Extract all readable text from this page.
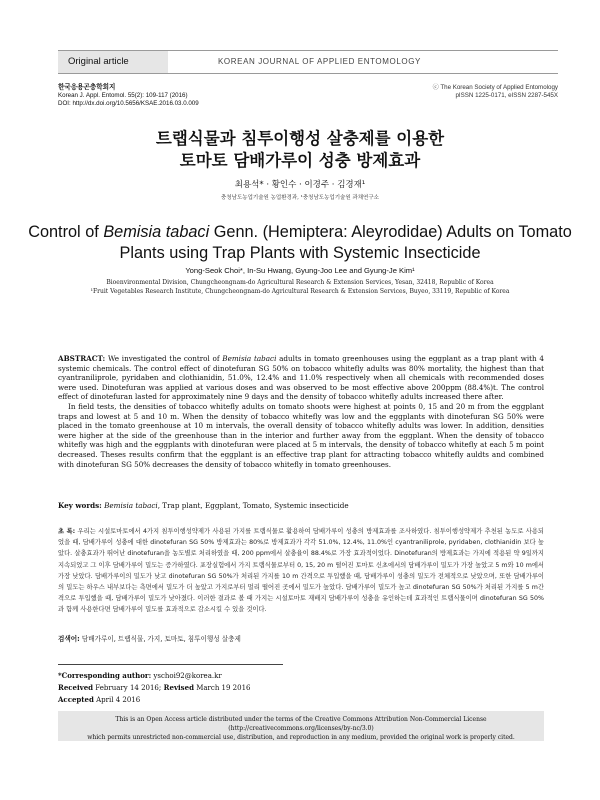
Original article	KOREAN JOURNAL OF APPLIED ENTOMOLOGY
한국응용곤충학회지
Korean J. Appl. Entomol. 55(2): 109-117 (2016)
DOI: http://dx.doi.org/10.5656/KSAE.2016.03.0.009
ⓒ The Korean Society of Applied Entomology
pISSN 1225-0171, eISSN 2287-545X
트랩식물과 침투이행성 살충제를 이용한
토마토 담배가루이 성충 방제효과
최용석* · 황인수 · 이경주 · 김경재¹
충청남도농업기술원 농업환경과, ¹충청남도농업기술원 과채연구소
Control of Bemisia tabaci Genn. (Hemiptera: Aleyrodidae) Adults on Tomato
Plants using Trap Plants with Systemic Insecticide
Yong-Seok Choi*, In-Su Hwang, Gyung-Joo Lee and Gyung-Je Kim¹
Bioenvironmental Division, Chungcheongnam-do Agricultural Research & Extension Services, Yesan, 32418, Republic of Korea
¹Fruit Vegetables Research Institute, Chungcheongnam-do Agricultural Research & Extension Services, Buyeo, 33119, Republic of Korea

ABSTRACT: We investigated the control of Bemisia tabaci adults in tomato greenhouses using the eggplant as a trap plant with 4 systemic chemicals. The control effect of dinotefuran SG 50% on tobacco whitefly adults was 80% mortality, the highest than that cyantraniliprole, pyridaben and clothianidin, 51.0%, 12.4% and 11.0% respectively when all chemicals with recommended doses were used. Dinotefuran was applied at various doses and was observed to be most effective above 200ppm (88.4%)t. The control effect of dinotefuran lasted for approximately nine 9 days and the density of tobacco whitefly adults increased there after.

In field tests, the densities of tobacco whitefly adults on tomato shoots were highest at points 0, 15 and 20 m from the eggplant traps and lowest at 5 and 10 m. When the density of tobacco whitefly was low and the eggplants with dinotefuran SG 50% were placed in the tomato greenhouse at 10 m intervals, the overall density of tobacco whitefly adults was lower. In addition, densities were higher at the side of the greenhouse than in the interior and further away from the eggplant. When the density of tobacco whitefly was high and the eggplants with dinotefuran were placed at 5 m intervals, the density of tobacco whitefly at each 5 m point decreased. Theses results confirm that the eggplant is an effective trap plant for attracting tobacco whitefly auldts and combined with dinotefuran SG 50% decreases the density of tobacco whitefly in tomato greenhouses.

Key words: Bemisia tabaci, Trap plant, Eggplant, Tomato, Systemic insecticide
초 록: 우리는 시설토마토에서 4가지 침투이행성약제가 사용된 가지를 트랩식물로 활용하여 담배가루이 성충의 방제효과를 조사하였다. 침투이행성약제가 추천된 농도로 사용되었을 때, 담배가루이 성충에 대한 dinotefuran SG 50% 방제효과는 80%로 방제효과가 각각 51.0%, 12.4%, 11.0%인 cyantraniliprole, pyridaben, clothianidin 보다 높았다. 살충효과가 뛰어난 dinotefuran을 농도별로 처리하였을 때, 200 ppm에서 살충율이 88.4%로 가장 효과적이었다. Dinotefuran의 방제효과는 가지에 적용된 약 9일까지 지속되었고 그 이후 담배가루이 밀도는 증가하였다. 포장실험에서 가지 트랩식물로부터 0, 15, 20 m 떨어진 토마토 신초에서의 담배가루이 밀도가 가장 높았고 5 m와 10 m에서 가장 낮았다. 담배가루이의 밀도가 낮고 dinotefuran SG 50%가 처리된 가지를 10 m 간격으로 투입했을 때, 담배가루이 성충의 밀도가 전체적으로 낮았으며, 또한 담배가루이의 밀도는 하우스 내부보다는 측면에서 밀도가 더 높았고 가지로부터 멀리 떨어진 곳에서 밀도가 높았다. 담배가루이 밀도가 높고 dinotefuran SG 50%가 처리된 가지를 5 m간격으로 투입했을 때, 담배가루이 밀도가 낮아졌다. 이러한 결과로 볼 때 가지는 시설토마토 재배지 담배가루이 성충을 유인하는데 효과적인 트랩식물이며 dinotefuran SG 50%과 함께 사용한다면 담배가루이 밀도를 효과적으로 감소시킬 수 있을 것이다.
검색어: 담배가루이, 트랩식물, 가지, 토마토, 침투이행성 살충제
*Corresponding author: yschoi92@korea.kr
Received February 14 2016; Revised March 19 2016
Accepted April 4 2016
This is an Open Access article distributed under the terms of the Creative Commons Attribution Non-Commercial License (http://creativecommons.org/licenses/by-nc/3.0)
which permits unrestricted non-commercial use, distribution, and reproduction in any medium, provided the original work is properly cited.
